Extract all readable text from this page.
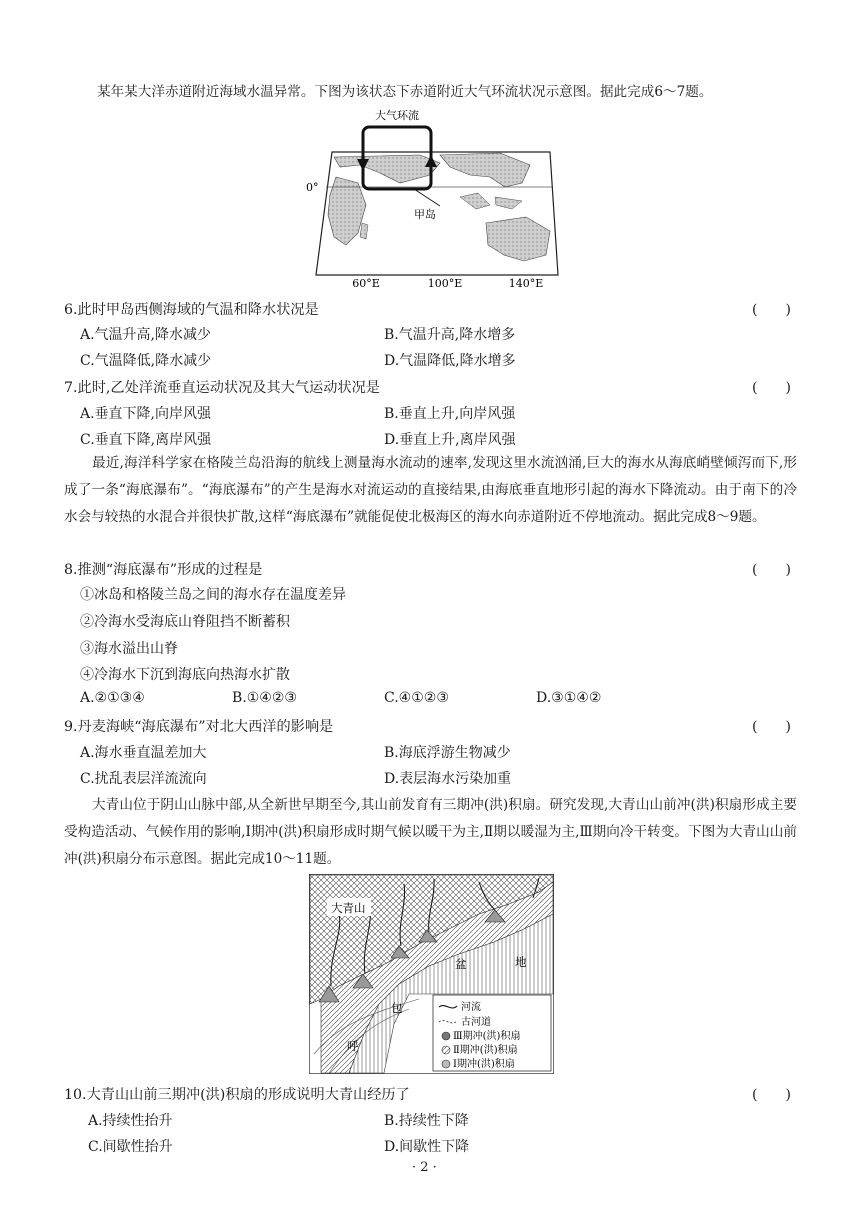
某年某大洋赤道附近海域水温异常。下图为该状态下赤道附近大气环流状况示意图。据此完成6～7题。
大气环流
0°
甲岛
60°E	100°E	140°E
6.此时甲岛西侧海域的气温和降水状况是	(　　)
A.气温升高,降水减少	B.气温升高,降水增多
C.气温降低,降水减少	D.气温降低,降水增多
7.此时,乙处洋流垂直运动状况及其大气运动状况是	(　　)
A.垂直下降,向岸风强	B.垂直上升,向岸风强
C.垂直下降,离岸风强	D.垂直上升,离岸风强
最近,海洋科学家在格陵兰岛沿海的航线上测量海水流动的速率,发现这里水流汹涌,巨大的海水从海底峭壁倾泻而下,形成了一条“海底瀑布”。“海底瀑布”的产生是海水对流运动的直接结果,由海底垂直地形引起的海水下降流动。由于南下的冷水会与较热的水混合并很快扩散,这样“海底瀑布”就能促使北极海区的海水向赤道附近不停地流动。据此完成8～9题。
8.推测“海底瀑布”形成的过程是	(　　)
①冰岛和格陵兰岛之间的海水存在温度差异
②冷海水受海底山脊阻挡不断蓄积
③海水溢出山脊
④冷海水下沉到海底向热海水扩散
A.②①③④	B.①④②③	C.④①②③	D.③①④②
9.丹麦海峡“海底瀑布”对北大西洋的影响是	(　　)
A.海水垂直温差加大	B.海底浮游生物减少
C.扰乱表层洋流流向	D.表层海水污染加重
大青山位于阴山山脉中部,从全新世早期至今,其山前发育有三期冲(洪)积扇。研究发现,大青山山前冲(洪)积扇形成主要受构造活动、气候作用的影响,Ⅰ期冲(洪)积扇形成时期气候以暖干为主,Ⅱ期以暖湿为主,Ⅲ期向冷干转变。下图为大青山山前冲(洪)积扇分布示意图。据此完成10～11题。
大青山
盆	地
包
呼
河流
古河道
Ⅲ期冲(洪)积扇
Ⅱ期冲(洪)积扇
Ⅰ期冲(洪)积扇
10.大青山山前三期冲(洪)积扇的形成说明大青山经历了	(　　)
A.持续性抬升	B.持续性下降
C.间歇性抬升	D.间歇性下降
· 2 ·
